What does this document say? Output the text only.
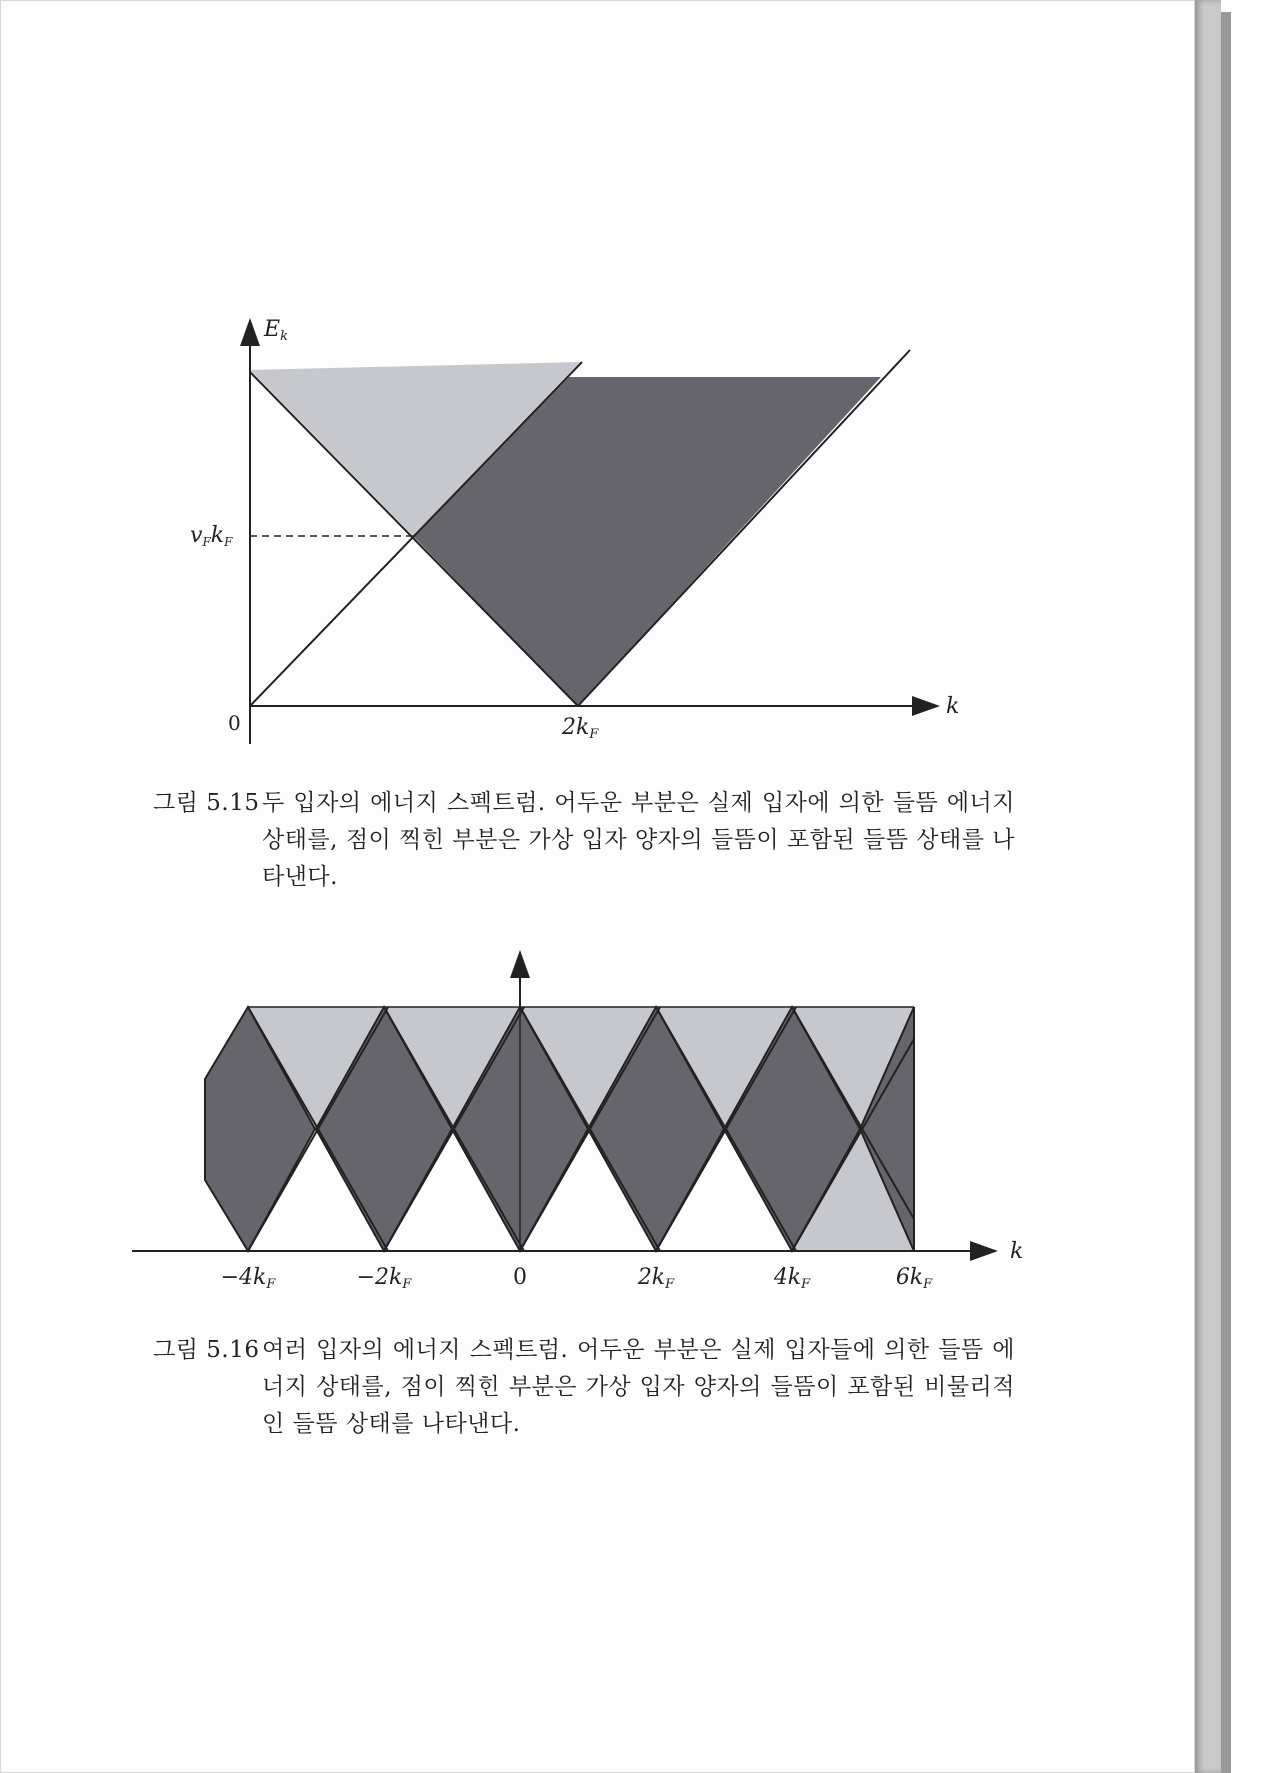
Ek
k
0	2kF
vFkF
그림 5.15 두 입자의 에너지 스펙트럼. 어두운 부분은 실제 입자에 의한 들뜸 에너지 상태를, 점이 찍힌 부분은 가상 입자 양자의 들뜸이 포함된 들뜸 상태를 나타낸다.
k
−4kF	−2kF	0	2kF	4kF	6kF
그림 5.16 여러 입자의 에너지 스펙트럼. 어두운 부분은 실제 입자들에 의한 들뜸 에너지 상태를, 점이 찍힌 부분은 가상 입자 양자의 들뜸이 포함된 비물리적인 들뜸 상태를 나타낸다.
